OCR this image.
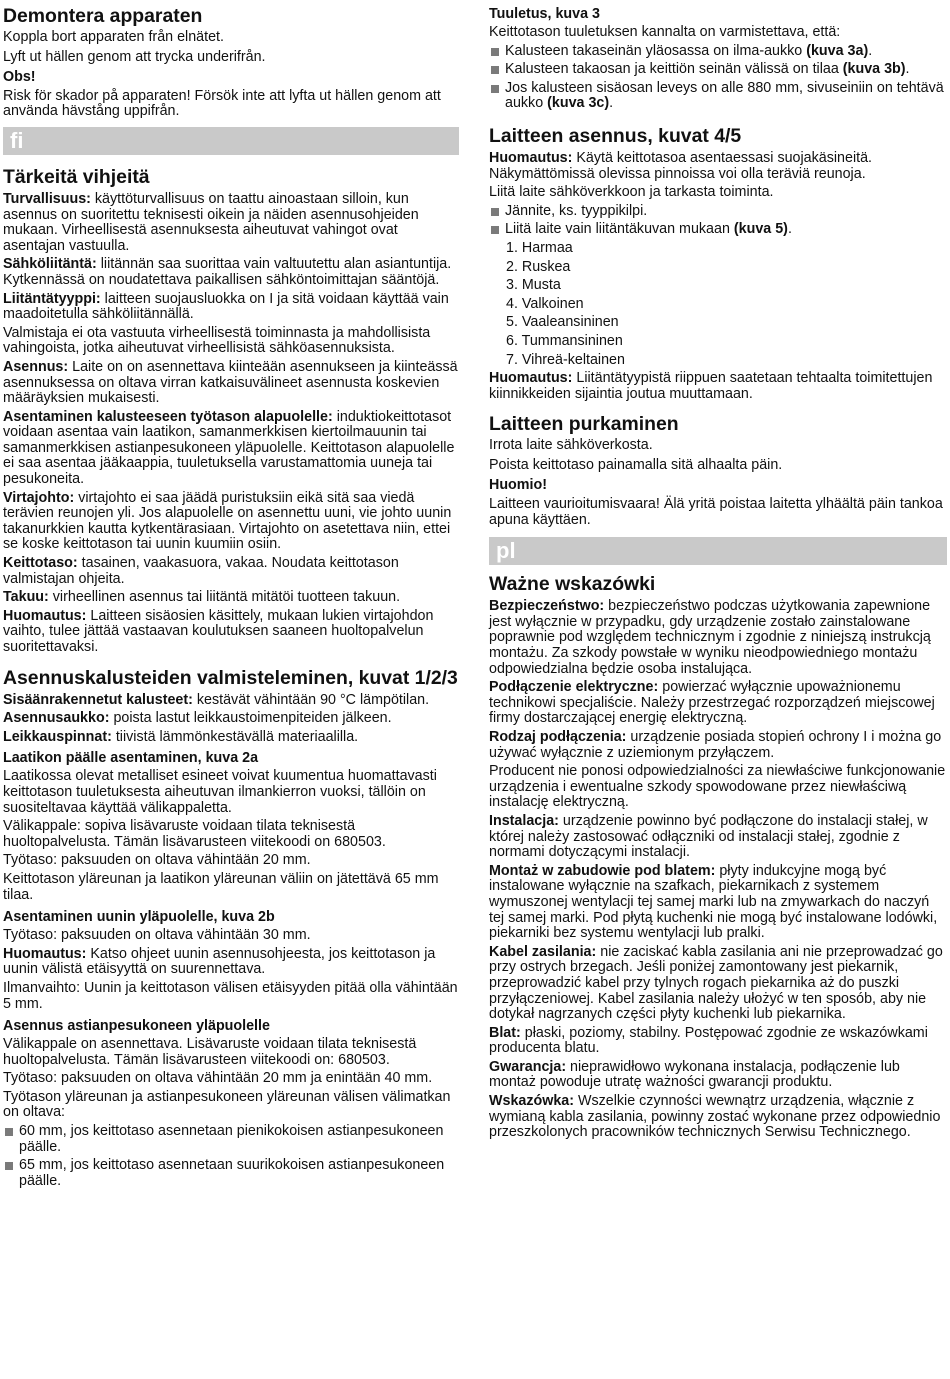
Demontera apparaten

Koppla bort apparaten från elnätet.

Lyft ut hällen genom att trycka underifrån.

Obs!

Risk för skador på apparaten! Försök inte att lyfta ut hällen genom att använda hävstång uppifrån.

fi
Tärkeitä vihjeitä

Turvallisuus: käyttöturvallisuus on taattu ainoastaan silloin, kun asennus on suoritettu teknisesti oikein ja näiden asennusohjeiden mukaan. Virheellisestä asennuksesta aiheutuvat vahingot ovat asentajan vastuulla.

Sähköliitäntä: liitännän saa suorittaa vain valtuutettu alan asiantuntija. Kytkennässä on noudatettava paikallisen sähköntoimittajan sääntöjä.

Liitäntätyyppi: laitteen suojausluokka on I ja sitä voidaan käyttää vain maadoitetulla sähköliitännällä.

Valmistaja ei ota vastuuta virheellisestä toiminnasta ja mahdollisista vahingoista, jotka aiheutuvat virheellisistä sähköasennuksista.

Asennus: Laite on on asennettava kiinteään asennukseen ja kiinteässä asennuksessa on oltava virran katkaisuvälineet asennusta koskevien määräyksien mukaisesti.

Asentaminen kalusteeseen työtason alapuolelle: induktiokeittotasot voidaan asentaa vain laatikon, samanmerkkisen kiertoilmauunin tai samanmerkkisen astianpesukoneen yläpuolelle. Keittotason alapuolelle ei saa asentaa jääkaappia, tuuletuksella varustamattomia uuneja tai pesukoneita.

Virtajohto: virtajohto ei saa jäädä puristuksiin eikä sitä saa viedä terävien reunojen yli. Jos alapuolelle on asennettu uuni, vie johto uunin takanurkkien kautta kytkentärasiaan. Virtajohto on asetettava niin, ettei se koske keittotason tai uunin kuumiin osiin.

Keittotaso: tasainen, vaakasuora, vakaa. Noudata keittotason valmistajan ohjeita.

Takuu: virheellinen asennus tai liitäntä mitätöi tuotteen takuun.

Huomautus: Laitteen sisäosien käsittely, mukaan lukien virtajohdon vaihto, tulee jättää vastaavan koulutuksen saaneen huoltopalvelun suoritettavaksi.

Asennuskalusteiden valmisteleminen, kuvat 1/2/3

Sisäänrakennetut kalusteet: kestävät vähintään 90 °C lämpötilan.

Asennusaukko: poista lastut leikkaustoimenpiteiden jälkeen.

Leikkauspinnat: tiivistä lämmönkestävällä materiaalilla.

Laatikon päälle asentaminen, kuva 2a

Laatikossa olevat metalliset esineet voivat kuumentua huomattavasti keittotason tuuletuksesta aiheutuvan ilmankierron vuoksi, tällöin on suositeltavaa käyttää välikappaletta.

Välikappale: sopiva lisävaruste voidaan tilata teknisestä huoltopalvelusta. Tämän lisävarusteen viitekoodi on 680503.

Työtaso: paksuuden on oltava vähintään 20 mm.

Keittotason yläreunan ja laatikon yläreunan väliin on jätettävä 65 mm tilaa.

Asentaminen uunin yläpuolelle, kuva 2b

Työtaso: paksuuden on oltava vähintään 30 mm.

Huomautus: Katso ohjeet uunin asennusohjeesta, jos keittotason ja uunin välistä etäisyyttä on suurennettava.

Ilmanvaihto: Uunin ja keittotason välisen etäisyyden pitää olla vähintään 5 mm.

Asennus astianpesukoneen yläpuolelle

Välikappale on asennettava. Lisävaruste voidaan tilata teknisestä huoltopalvelusta. Tämän lisävarusteen viitekoodi on: 680503.

Työtaso: paksuuden on oltava vähintään 20 mm ja enintään 40 mm.

Työtason yläreunan ja astianpesukoneen yläreunan välisen välimatkan on oltava:

60 mm, jos keittotaso asennetaan pienikokoisen astianpesukoneen päälle.
65 mm, jos keittotaso asennetaan suurikokoisen astianpesukoneen päälle.
Tuuletus, kuva 3

Keittotason tuuletuksen kannalta on varmistettava, että:

Kalusteen takaseinän yläosassa on ilma-aukko (kuva 3a).
Kalusteen takaosan ja keittiön seinän välissä on tilaa (kuva 3b).
Jos kalusteen sisäosan leveys on alle 880 mm, sivuseiniin on tehtävä aukko (kuva 3c).
Laitteen asennus, kuvat 4/5

Huomautus: Käytä keittotasoa asentaessasi suojakäsineitä. Näkymättömissä olevissa pinnoissa voi olla teräviä reunoja.

Liitä laite sähköverkkoon ja tarkasta toiminta.

Jännite, ks. tyyppikilpi.
Liitä laite vain liitäntäkuvan mukaan (kuva 5).
1. Harmaa
2. Ruskea
3. Musta
4. Valkoinen
5. Vaaleansininen
6. Tummansininen
7. Vihreä-keltainen

Huomautus: Liitäntätyypistä riippuen saatetaan tehtaalta toimitettujen kiinnikkeiden sijaintia joutua muuttamaan.

Laitteen purkaminen

Irrota laite sähköverkosta.

Poista keittotaso painamalla sitä alhaalta päin.

Huomio!

Laitteen vaurioitumisvaara! Älä yritä poistaa laitetta ylhäältä päin tankoa apuna käyttäen.

pl
Ważne wskazówki

Bezpieczeństwo: bezpieczeństwo podczas użytkowania zapewnione jest wyłącznie w przypadku, gdy urządzenie zostało zainstalowane poprawnie pod względem technicznym i zgodnie z niniejszą instrukcją montażu. Za szkody powstałe w wyniku nieodpowiedniego montażu odpowiedzialna będzie osoba instalująca.

Podłączenie elektryczne: powierzać wyłącznie upoważnionemu technikowi specjaliście. Należy przestrzegać rozporządzeń miejscowej firmy dostarczającej energię elektryczną.

Rodzaj podłączenia: urządzenie posiada stopień ochrony I i można go używać wyłącznie z uziemionym przyłączem.

Producent nie ponosi odpowiedzialności za niewłaściwe funkcjonowanie urządzenia i ewentualne szkody spowodowane przez niewłaściwą instalację elektryczną.

Instalacja: urządzenie powinno być podłączone do instalacji stałej, w której należy zastosować odłączniki od instalacji stałej, zgodnie z normami dotyczącymi instalacji.

Montaż w zabudowie pod blatem: płyty indukcyjne mogą być instalowane wyłącznie na szafkach, piekarnikach z systemem wymuszonej wentylacji tej samej marki lub na zmywarkach do naczyń tej samej marki. Pod płytą kuchenki nie mogą być instalowane lodówki, piekarniki bez systemu wentylacji lub pralki.

Kabel zasilania: nie zaciskać kabla zasilania ani nie przeprowadzać go przy ostrych brzegach. Jeśli poniżej zamontowany jest piekarnik, przeprowadzić kabel przy tylnych rogach piekarnika aż do puszki przyłączeniowej. Kabel zasilania należy ułożyć w ten sposób, aby nie dotykał nagrzanych części płyty kuchenki lub piekarnika.

Blat: płaski, poziomy, stabilny. Postępować zgodnie ze wskazówkami producenta blatu.

Gwarancja: nieprawidłowo wykonana instalacja, podłączenie lub montaż powoduje utratę ważności gwarancji produktu.

Wskazówka: Wszelkie czynności wewnątrz urządzenia, włącznie z wymianą kabla zasilania, powinny zostać wykonane przez odpowiednio przeszkolonych pracowników technicznych Serwisu Technicznego.
